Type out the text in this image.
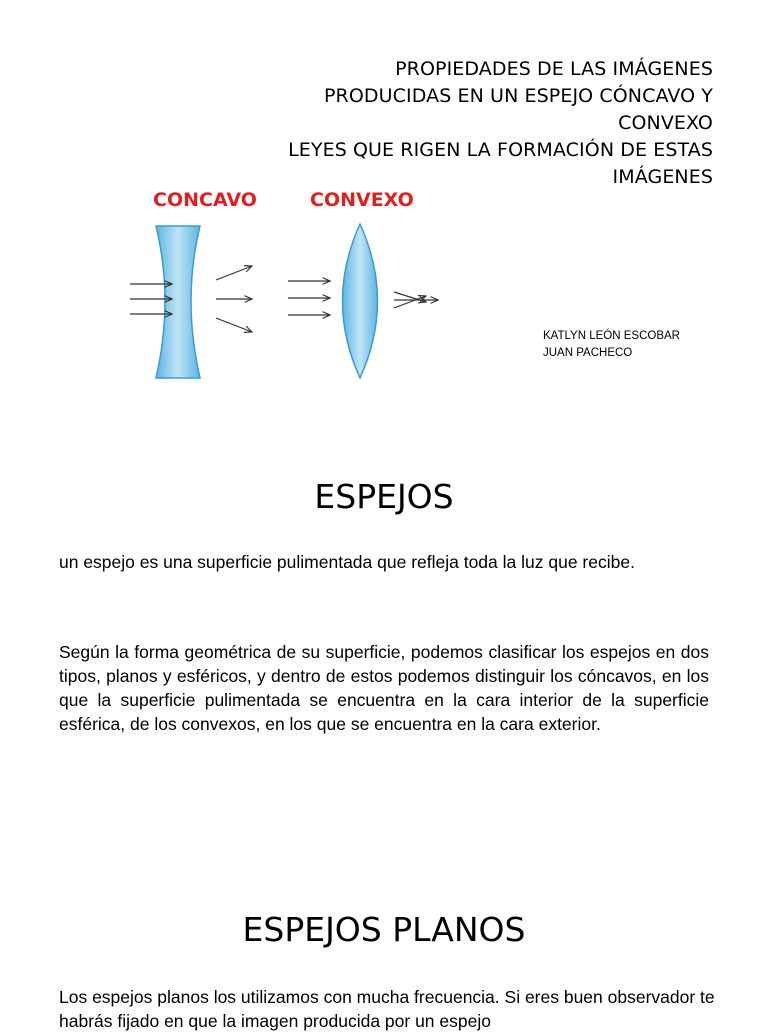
PROPIEDADES DE LAS IMÁGENES
PRODUCIDAS EN UN ESPEJO CÓNCAVO Y
CONVEXO
LEYES QUE RIGEN LA FORMACIÓN DE ESTAS
IMÁGENES
CONCAVO	CONVEXO
KATLYN LEÓN ESCOBAR
JUAN PACHECO
ESPEJOS

un espejo es una superficie pulimentada que refleja toda la luz que recibe.

Según la forma geométrica de su superficie, podemos clasificar los espejos en dos tipos, planos y esféricos, y dentro de estos podemos distinguir los cóncavos, en los que la superficie pulimentada se encuentra en la cara interior de la superficie esférica, de los convexos, en los que se encuentra en la cara exterior.

ESPEJOS PLANOS

Los espejos planos los utilizamos con mucha frecuencia. Si eres buen observador te habrás fijado en que la imagen producida por un espejo
